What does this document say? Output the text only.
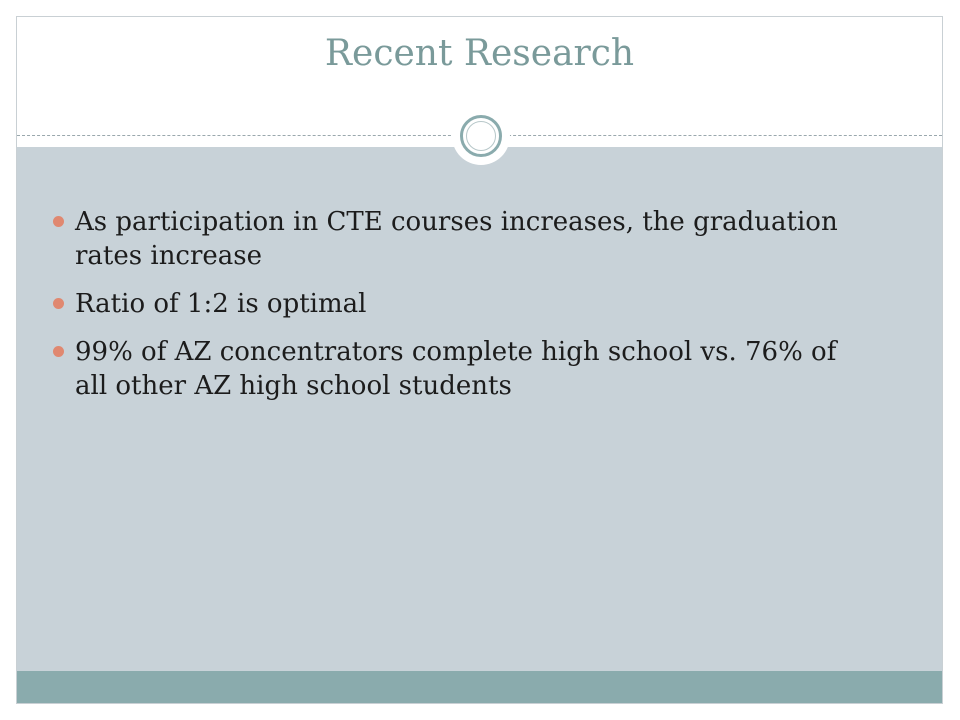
Recent Research
As participation in CTE courses increases, the graduation rates increase
Ratio of 1:2 is optimal
99% of AZ concentrators complete high school vs. 76% of all other AZ high school students
